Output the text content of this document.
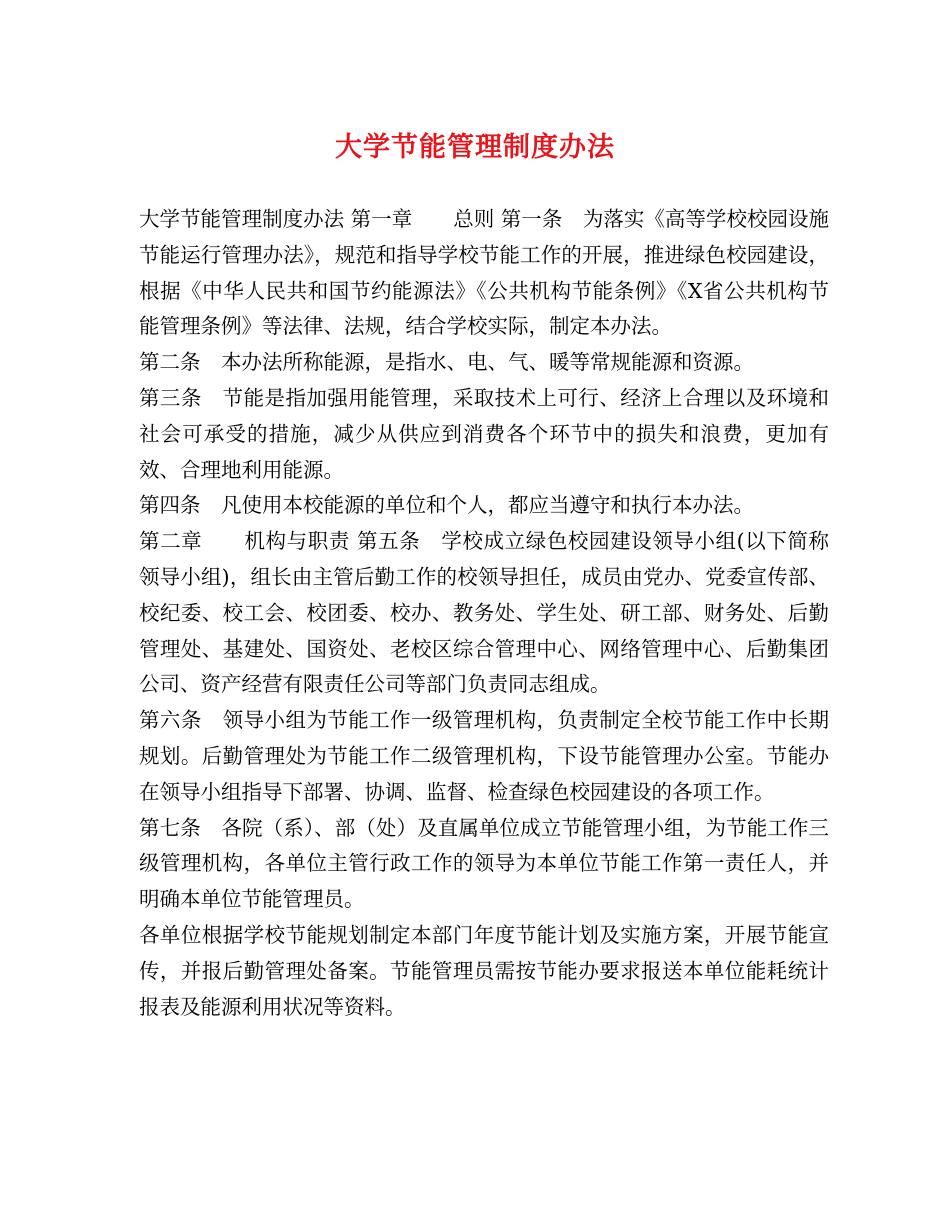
大学节能管理制度办法

大学节能管理制度办法 第一章　　总则 第一条　为落实《高等学校校园设施节能运行管理办法》，规范和指导学校节能工作的开展，推进绿色校园建设，根据《中华人民共和国节约能源法》《公共机构节能条例》《X省公共机构节能管理条例》等法律、法规，结合学校实际，制定本办法。

第二条　本办法所称能源，是指水、电、气、暖等常规能源和资源。

第三条　节能是指加强用能管理，采取技术上可行、经济上合理以及环境和社会可承受的措施，减少从供应到消费各个环节中的损失和浪费，更加有效、合理地利用能源。

第四条　凡使用本校能源的单位和个人，都应当遵守和执行本办法。

第二章　　机构与职责 第五条　学校成立绿色校园建设领导小组(以下简称领导小组)，组长由主管后勤工作的校领导担任，成员由党办、党委宣传部、校纪委、校工会、校团委、校办、教务处、学生处、研工部、财务处、后勤管理处、基建处、国资处、老校区综合管理中心、网络管理中心、后勤集团公司、资产经营有限责任公司等部门负责同志组成。

第六条　领导小组为节能工作一级管理机构，负责制定全校节能工作中长期规划。后勤管理处为节能工作二级管理机构，下设节能管理办公室。节能办在领导小组指导下部署、协调、监督、检查绿色校园建设的各项工作。

第七条　各院（系）、部（处）及直属单位成立节能管理小组，为节能工作三级管理机构，各单位主管行政工作的领导为本单位节能工作第一责任人，并明确本单位节能管理员。

各单位根据学校节能规划制定本部门年度节能计划及实施方案，开展节能宣传，并报后勤管理处备案。节能管理员需按节能办要求报送本单位能耗统计报表及能源利用状况等资料。
